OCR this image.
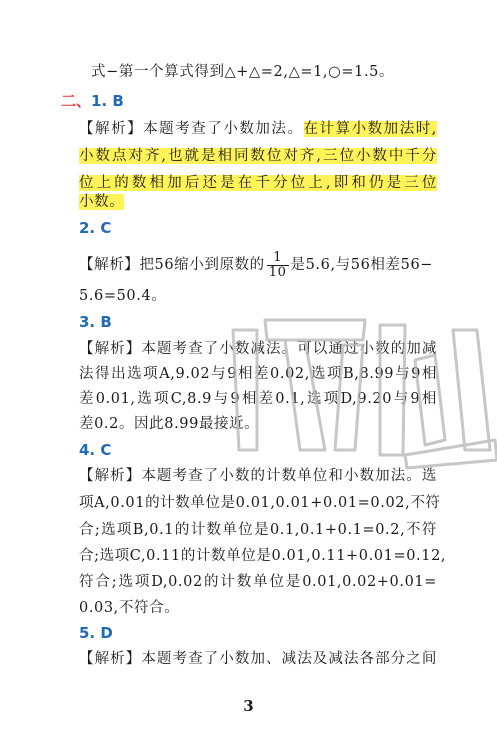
式−第一个算式得到△+△=2,△=1,○=1.5。
二、1. B
【解析】本题考查了小数加法。在计算小数加法时,
小数点对齐,也就是相同数位对齐,三位小数中千分
位上的数相加后还是在千分位上,即和仍是三位
小数。
2. C
【解析】把56缩小到原数的 $\frac{1}{10}$ 是5.6,与56相差56−
5.6=50.4。
3. B
【解析】本题考查了小数减法。可以通过小数的加减
法得出选项A,9.02与9相差0.02,选项B,8.99与9相
差0.01,选项C,8.9与9相差0.1,选项D,9.20与9相
差0.2。因此8.99最接近。
4. C
【解析】本题考查了小数的计数单位和小数加法。选
项A,0.01的计数单位是0.01,0.01+0.01=0.02,不符
合;选项B,0.1的计数单位是0.1,0.1+0.1=0.2,不符
合;选项C,0.11的计数单位是0.01,0.11+0.01=0.12,
符合;选项D,0.02的计数单位是0.01,0.02+0.01=
0.03,不符合。
5. D
【解析】本题考查了小数加、减法及减法各部分之间
3
